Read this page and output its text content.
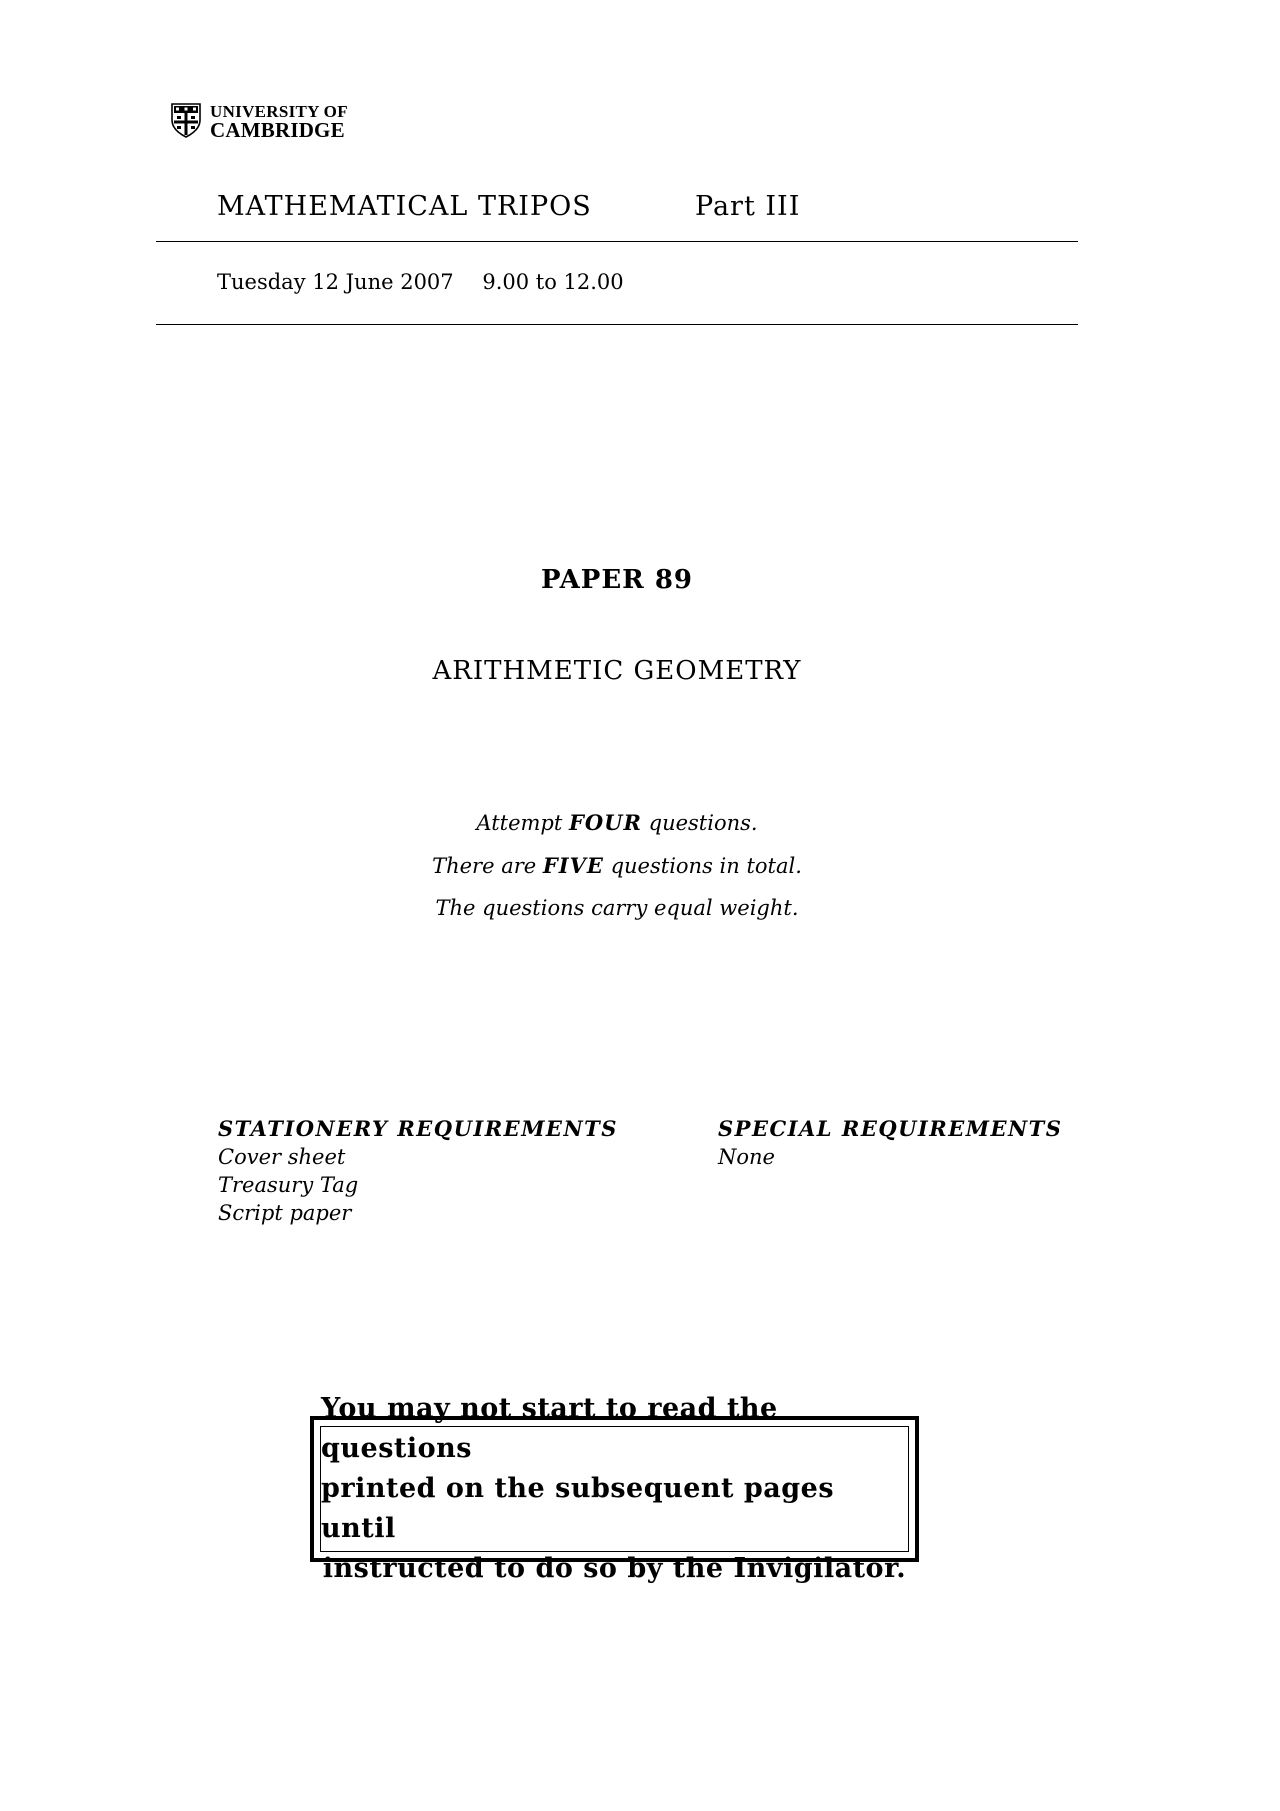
UNIVERSITY OF
CAMBRIDGE
MATHEMATICAL TRIPOS	Part III
Tuesday 12 June 2007 9.00 to 12.00
PAPER 89
ARITHMETIC GEOMETRY
Attempt FOUR questions.
There are FIVE questions in total.
The questions carry equal weight.
STATIONERY REQUIREMENTS
Cover sheet
Treasury Tag
Script paper
SPECIAL REQUIREMENTS
None
You may not start to read the questions
printed on the subsequent pages until
instructed to do so by the Invigilator.
